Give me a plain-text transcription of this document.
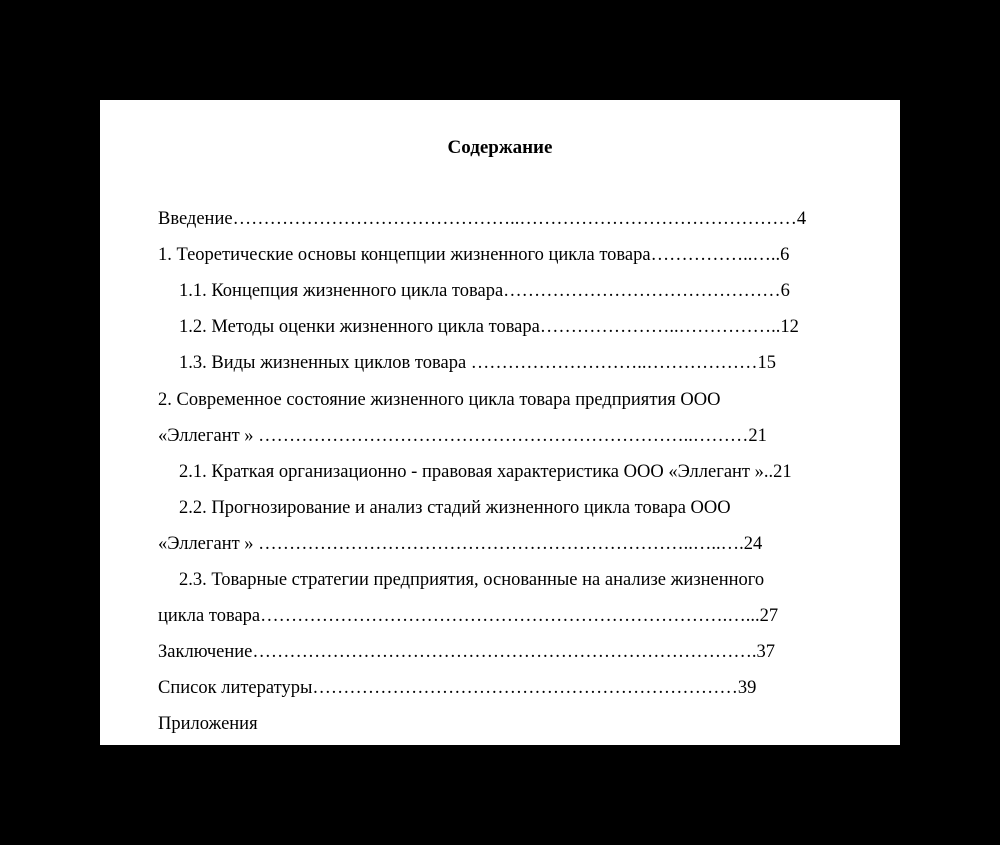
Содержание
Введение………………………………………..………………………………………4
1. Теоретические основы концепции жизненного цикла товара……………..…..6
1.1. Концепция жизненного цикла товара………………………………………6
1.2. Методы оценки жизненного цикла товара…………………..……………..12
1.3. Виды жизненных циклов товара ………………………..………………15
2. Современное состояние жизненного цикла товара предприятия ООО
«Эллегант » ……………………………………………………………..………21
2.1. Краткая организационно - правовая характеристика ООО «Эллегант »..21
2.2. Прогнозирование и анализ стадий жизненного цикла товара ООО
«Эллегант » ……………………………………………………………..…..….24
2.3. Товарные стратегии предприятия, основанные на анализе жизненного
цикла товара………………………………………………………………….…...27
Заключение……………………………………………………………………….37
Список литературы……………………………………………………………39
Приложения
